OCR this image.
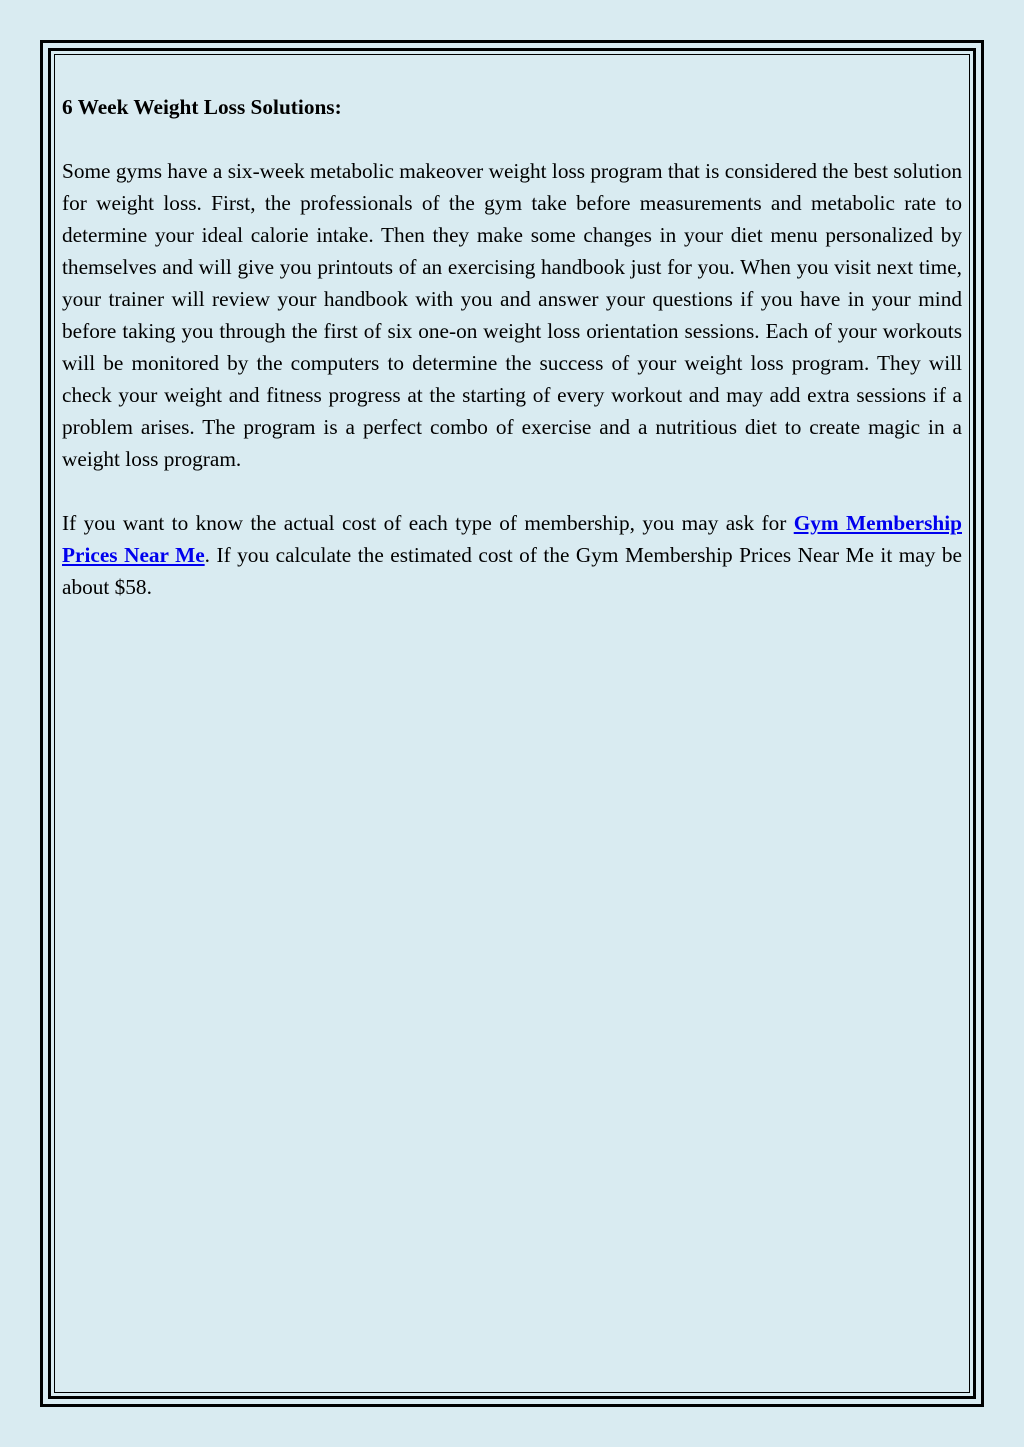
6 Week Weight Loss Solutions:

Some gyms have a six-week metabolic makeover weight loss program that is considered the best solution for weight loss. First, the professionals of the gym take before measurements and metabolic rate to determine your ideal calorie intake. Then they make some changes in your diet menu personalized by themselves and will give you printouts of an exercising handbook just for you. When you visit next time, your trainer will review your handbook with you and answer your questions if you have in your mind before taking you through the first of six one-on weight loss orientation sessions. Each of your workouts will be monitored by the computers to determine the success of your weight loss program. They will check your weight and fitness progress at the starting of every workout and may add extra sessions if a problem arises. The program is a perfect combo of exercise and a nutritious diet to create magic in a weight loss program.

If you want to know the actual cost of each type of membership, you may ask for Gym Membership Prices Near Me. If you calculate the estimated cost of the Gym Membership Prices Near Me it may be about $58.
